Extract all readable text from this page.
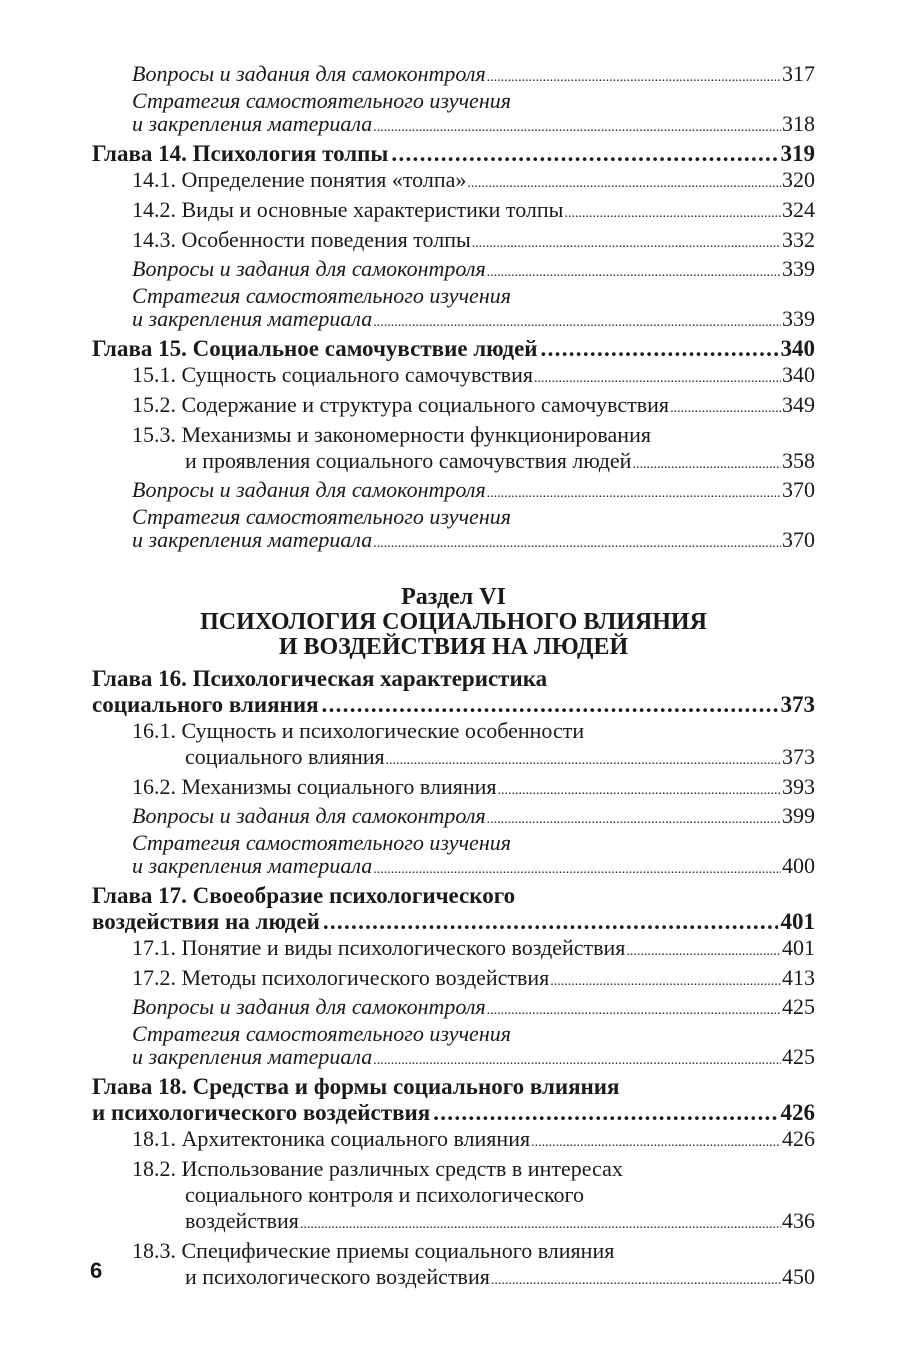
Вопросы и задания для самоконтроля .....	317
Стратегия самостоятельного изучения
и закрепления материала .....	318
Глава 14. Психология толпы .....	319
14.1. Определение понятия «толпа» .....	320
14.2. Виды и основные характеристики толпы .....	324
14.3. Особенности поведения толпы .....	332
Вопросы и задания для самоконтроля .....	339
Стратегия самостоятельного изучения
и закрепления материала .....	339
Глава 15. Социальное самочувствие людей .....	340
15.1. Сущность социального самочувствия .....	340
15.2. Содержание и структура социального самочувствия .....	349
15.3. Механизмы и закономерности функционирования
и проявления социального самочувствия людей .....	358
Вопросы и задания для самоконтроля .....	370
Стратегия самостоятельного изучения
и закрепления материала .....	370
Раздел VI
ПСИХОЛОГИЯ СОЦИАЛЬНОГО ВЛИЯНИЯ
И ВОЗДЕЙСТВИЯ НА ЛЮДЕЙ
Глава 16. Психологическая характеристика
социального влияния .....	373
16.1. Сущность и психологические особенности
социального влияния .....	373
16.2. Механизмы социального влияния .....	393
Вопросы и задания для самоконтроля .....	399
Стратегия самостоятельного изучения
и закрепления материала .....	400
Глава 17. Своеобразие психологического
воздействия на людей .....	401
17.1. Понятие и виды психологического воздействия .....	401
17.2. Методы психологического воздействия .....	413
Вопросы и задания для самоконтроля .....	425
Стратегия самостоятельного изучения
и закрепления материала .....	425
Глава 18. Средства и формы социального влияния
и психологического воздействия .....	426
18.1. Архитектоника социального влияния .....	426
18.2. Использование различных средств в интересах
социального контроля и психологического
воздействия .....	436
18.3. Специфические приемы социального влияния
и психологического воздействия .....	450
6
